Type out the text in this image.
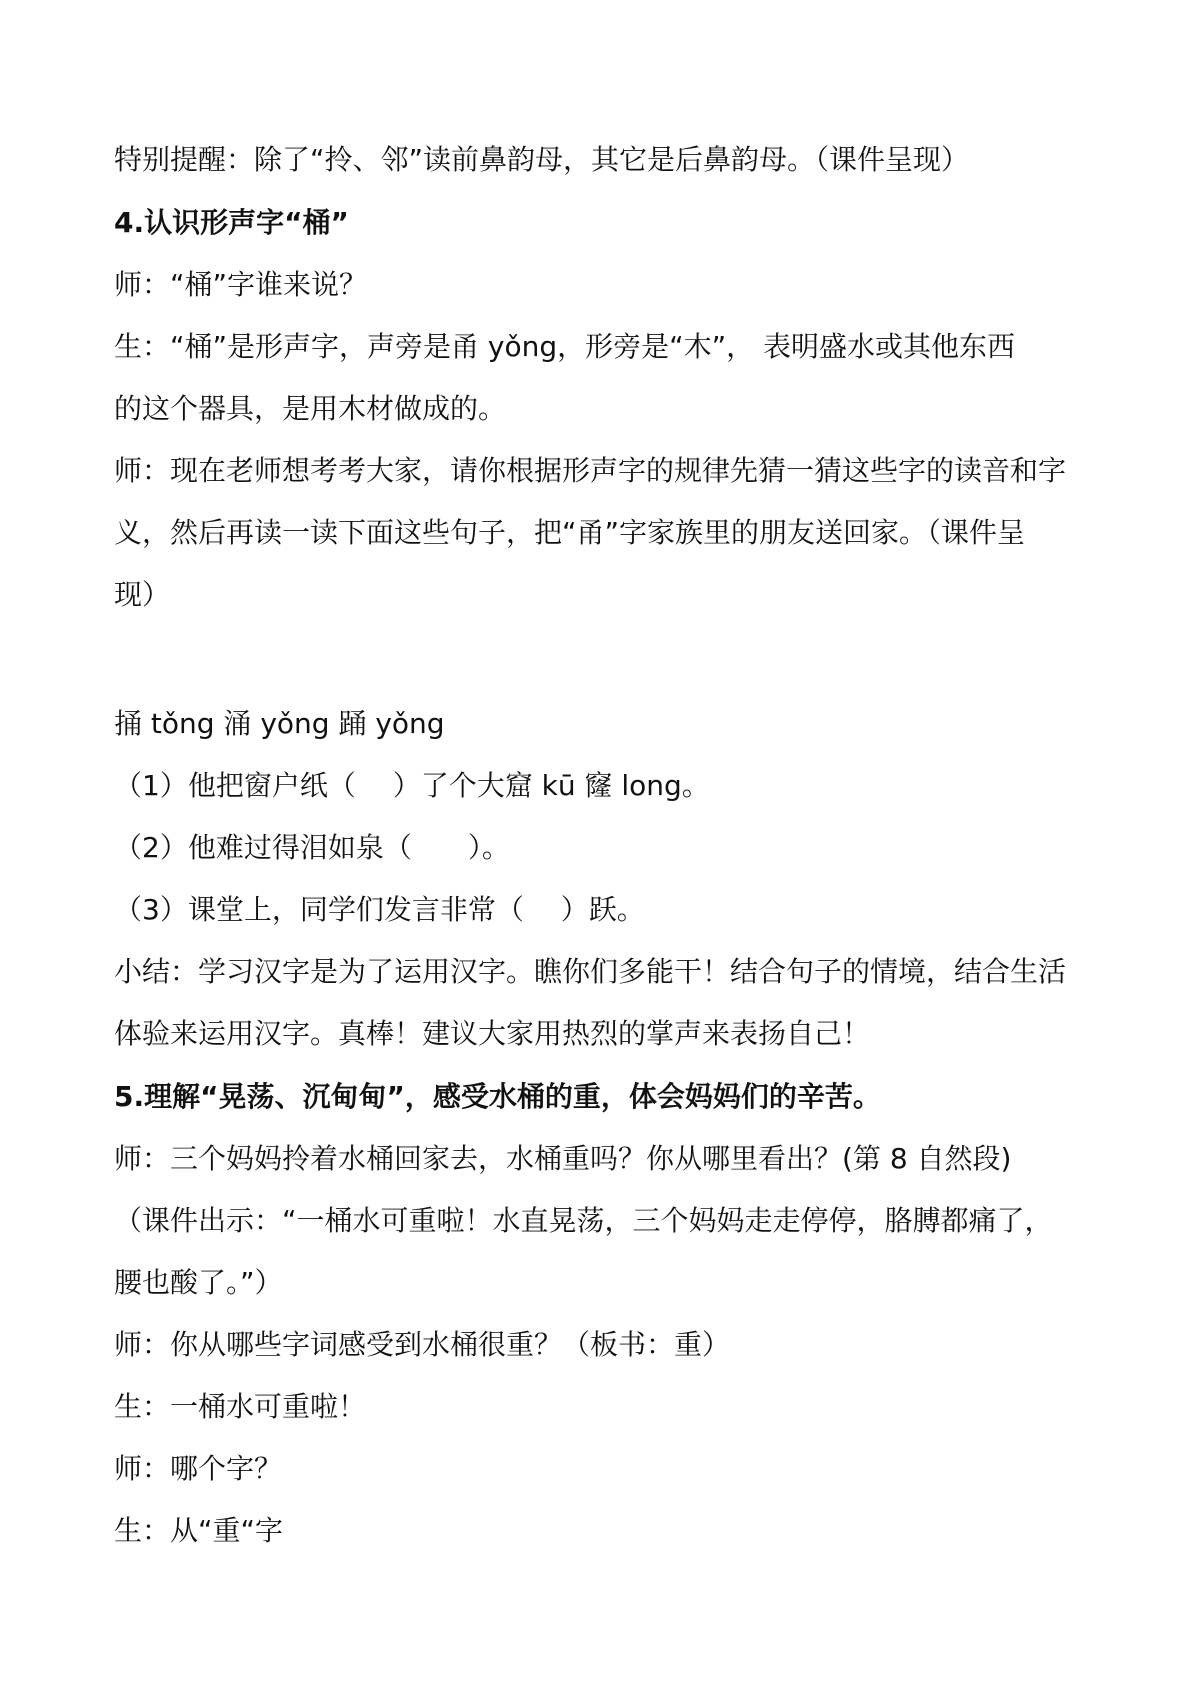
特别提醒：除了“拎、邻”读前鼻韵母，其它是后鼻韵母。（课件呈现）
4.认识形声字“桶”
师：“桶”字谁来说？
生：“桶”是形声字，声旁是甬 yǒng，形旁是“木”， 表明盛水或其他东西
的这个器具，是用木材做成的。
师：现在老师想考考大家，请你根据形声字的规律先猜一猜这些字的读音和字
义，然后再读一读下面这些句子，把“甬”字家族里的朋友送回家。（课件呈
现）
捅 tǒng 涌 yǒng 踊 yǒng
（1）他把窗户纸（　 ）了个大窟 kū 窿 long。
（2）他难过得泪如泉（　　）。
（3）课堂上，同学们发言非常（　 ）跃。
小结：学习汉字是为了运用汉字。瞧你们多能干！结合句子的情境，结合生活
体验来运用汉字。真棒！建议大家用热烈的掌声来表扬自己！
5.理解“晃荡、沉甸甸”，感受水桶的重，体会妈妈们的辛苦。
师：三个妈妈拎着水桶回家去，水桶重吗？你从哪里看出？(第 8 自然段)
（课件出示：“一桶水可重啦！水直晃荡，三个妈妈走走停停，胳膊都痛了，
腰也酸了。”）
师：你从哪些字词感受到水桶很重？（板书：重）
生：一桶水可重啦！
师：哪个字？
生：从“重“字
